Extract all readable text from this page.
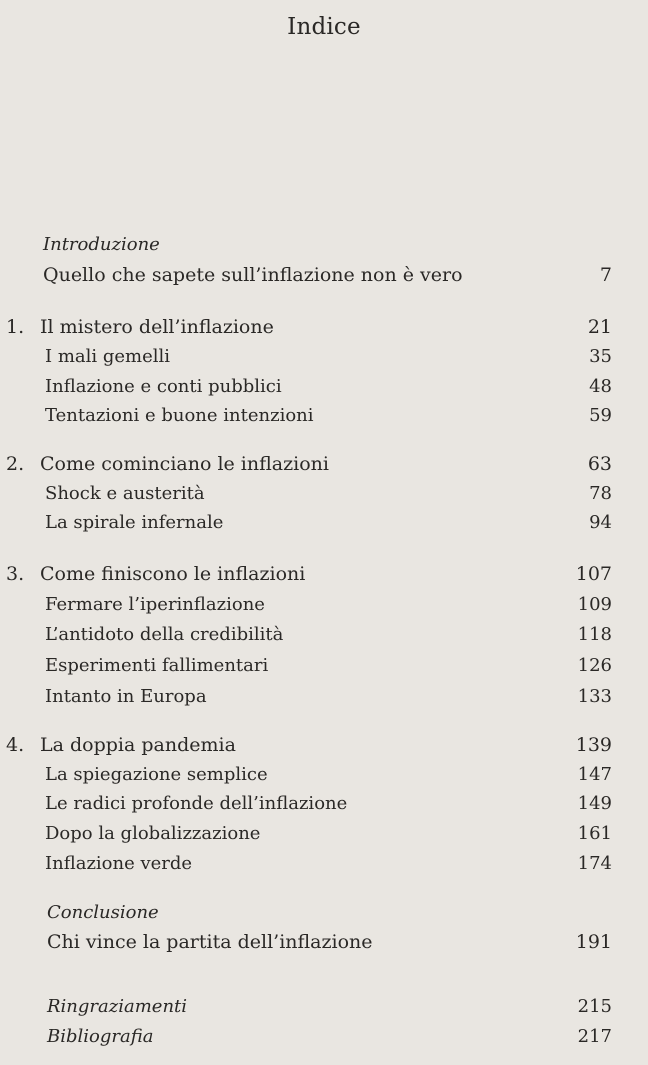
Indice
Introduzione
Quello che sapete sull’inflazione non è vero	7
1. Il mistero dell’inflazione	21
I mali gemelli	35
Inflazione e conti pubblici	48
Tentazioni e buone intenzioni	59
2. Come cominciano le inflazioni	63
Shock e austerità	78
La spirale infernale	94
3. Come finiscono le inflazioni	107
Fermare l’iperinflazione	109
L’antidoto della credibilità	118
Esperimenti fallimentari	126
Intanto in Europa	133
4. La doppia pandemia	139
La spiegazione semplice	147
Le radici profonde dell’inflazione	149
Dopo la globalizzazione	161
Inflazione verde	174
Conclusione
Chi vince la partita dell’inflazione	191
Ringraziamenti	215
Bibliografia	217
